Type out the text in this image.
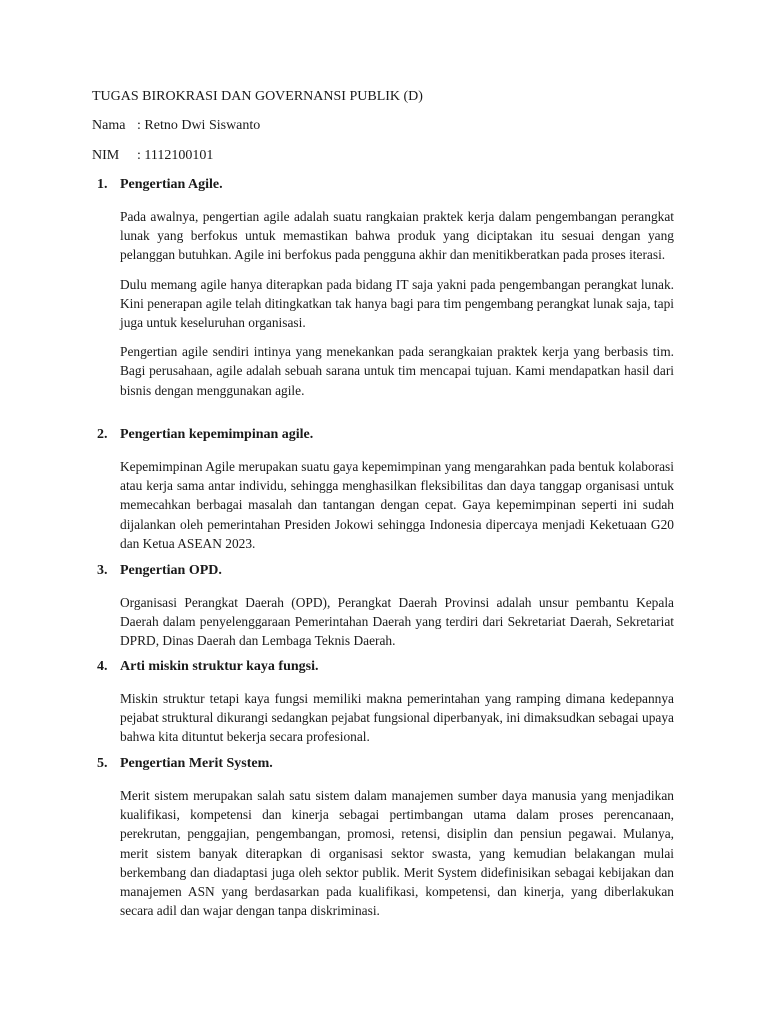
TUGAS BIROKRASI DAN GOVERNANSI PUBLIK (D)
Nama : Retno Dwi Siswanto
NIM : 1112100101

1. Pengertian Agile.

Pada awalnya, pengertian agile adalah suatu rangkaian praktek kerja dalam pengembangan perangkat lunak yang berfokus untuk memastikan bahwa produk yang diciptakan itu sesuai dengan yang pelanggan butuhkan. Agile ini berfokus pada pengguna akhir dan menitikberatkan pada proses iterasi.

Dulu memang agile hanya diterapkan pada bidang IT saja yakni pada pengembangan perangkat lunak. Kini penerapan agile telah ditingkatkan tak hanya bagi para tim pengembang perangkat lunak saja, tapi juga untuk keseluruhan organisasi.

Pengertian agile sendiri intinya yang menekankan pada serangkaian praktek kerja yang berbasis tim. Bagi perusahaan, agile adalah sebuah sarana untuk tim mencapai tujuan. Kami mendapatkan hasil dari bisnis dengan menggunakan agile.

2. Pengertian kepemimpinan agile.

Kepemimpinan Agile merupakan suatu gaya kepemimpinan yang mengarahkan pada bentuk kolaborasi atau kerja sama antar individu, sehingga menghasilkan fleksibilitas dan daya tanggap organisasi untuk memecahkan berbagai masalah dan tantangan dengan cepat. Gaya kepemimpinan seperti ini sudah dijalankan oleh pemerintahan Presiden Jokowi sehingga Indonesia dipercaya menjadi Keketuaan G20 dan Ketua ASEAN 2023.

3. Pengertian OPD.

Organisasi Perangkat Daerah (OPD), Perangkat Daerah Provinsi adalah unsur pembantu Kepala Daerah dalam penyelenggaraan Pemerintahan Daerah yang terdiri dari Sekretariat Daerah, Sekretariat DPRD, Dinas Daerah dan Lembaga Teknis Daerah.

4. Arti miskin struktur kaya fungsi.

Miskin struktur tetapi kaya fungsi memiliki makna pemerintahan yang ramping dimana kedepannya pejabat struktural dikurangi sedangkan pejabat fungsional diperbanyak, ini dimaksudkan sebagai upaya bahwa kita dituntut bekerja secara profesional.

5. Pengertian Merit System.

Merit sistem merupakan salah satu sistem dalam manajemen sumber daya manusia yang menjadikan kualifikasi, kompetensi dan kinerja sebagai pertimbangan utama dalam proses perencanaan, perekrutan, penggajian, pengembangan, promosi, retensi, disiplin dan pensiun pegawai. Mulanya, merit sistem banyak diterapkan di organisasi sektor swasta, yang kemudian belakangan mulai berkembang dan diadaptasi juga oleh sektor publik. Merit System didefinisikan sebagai kebijakan dan manajemen ASN yang berdasarkan pada kualifikasi, kompetensi, dan kinerja, yang diberlakukan secara adil dan wajar dengan tanpa diskriminasi.
